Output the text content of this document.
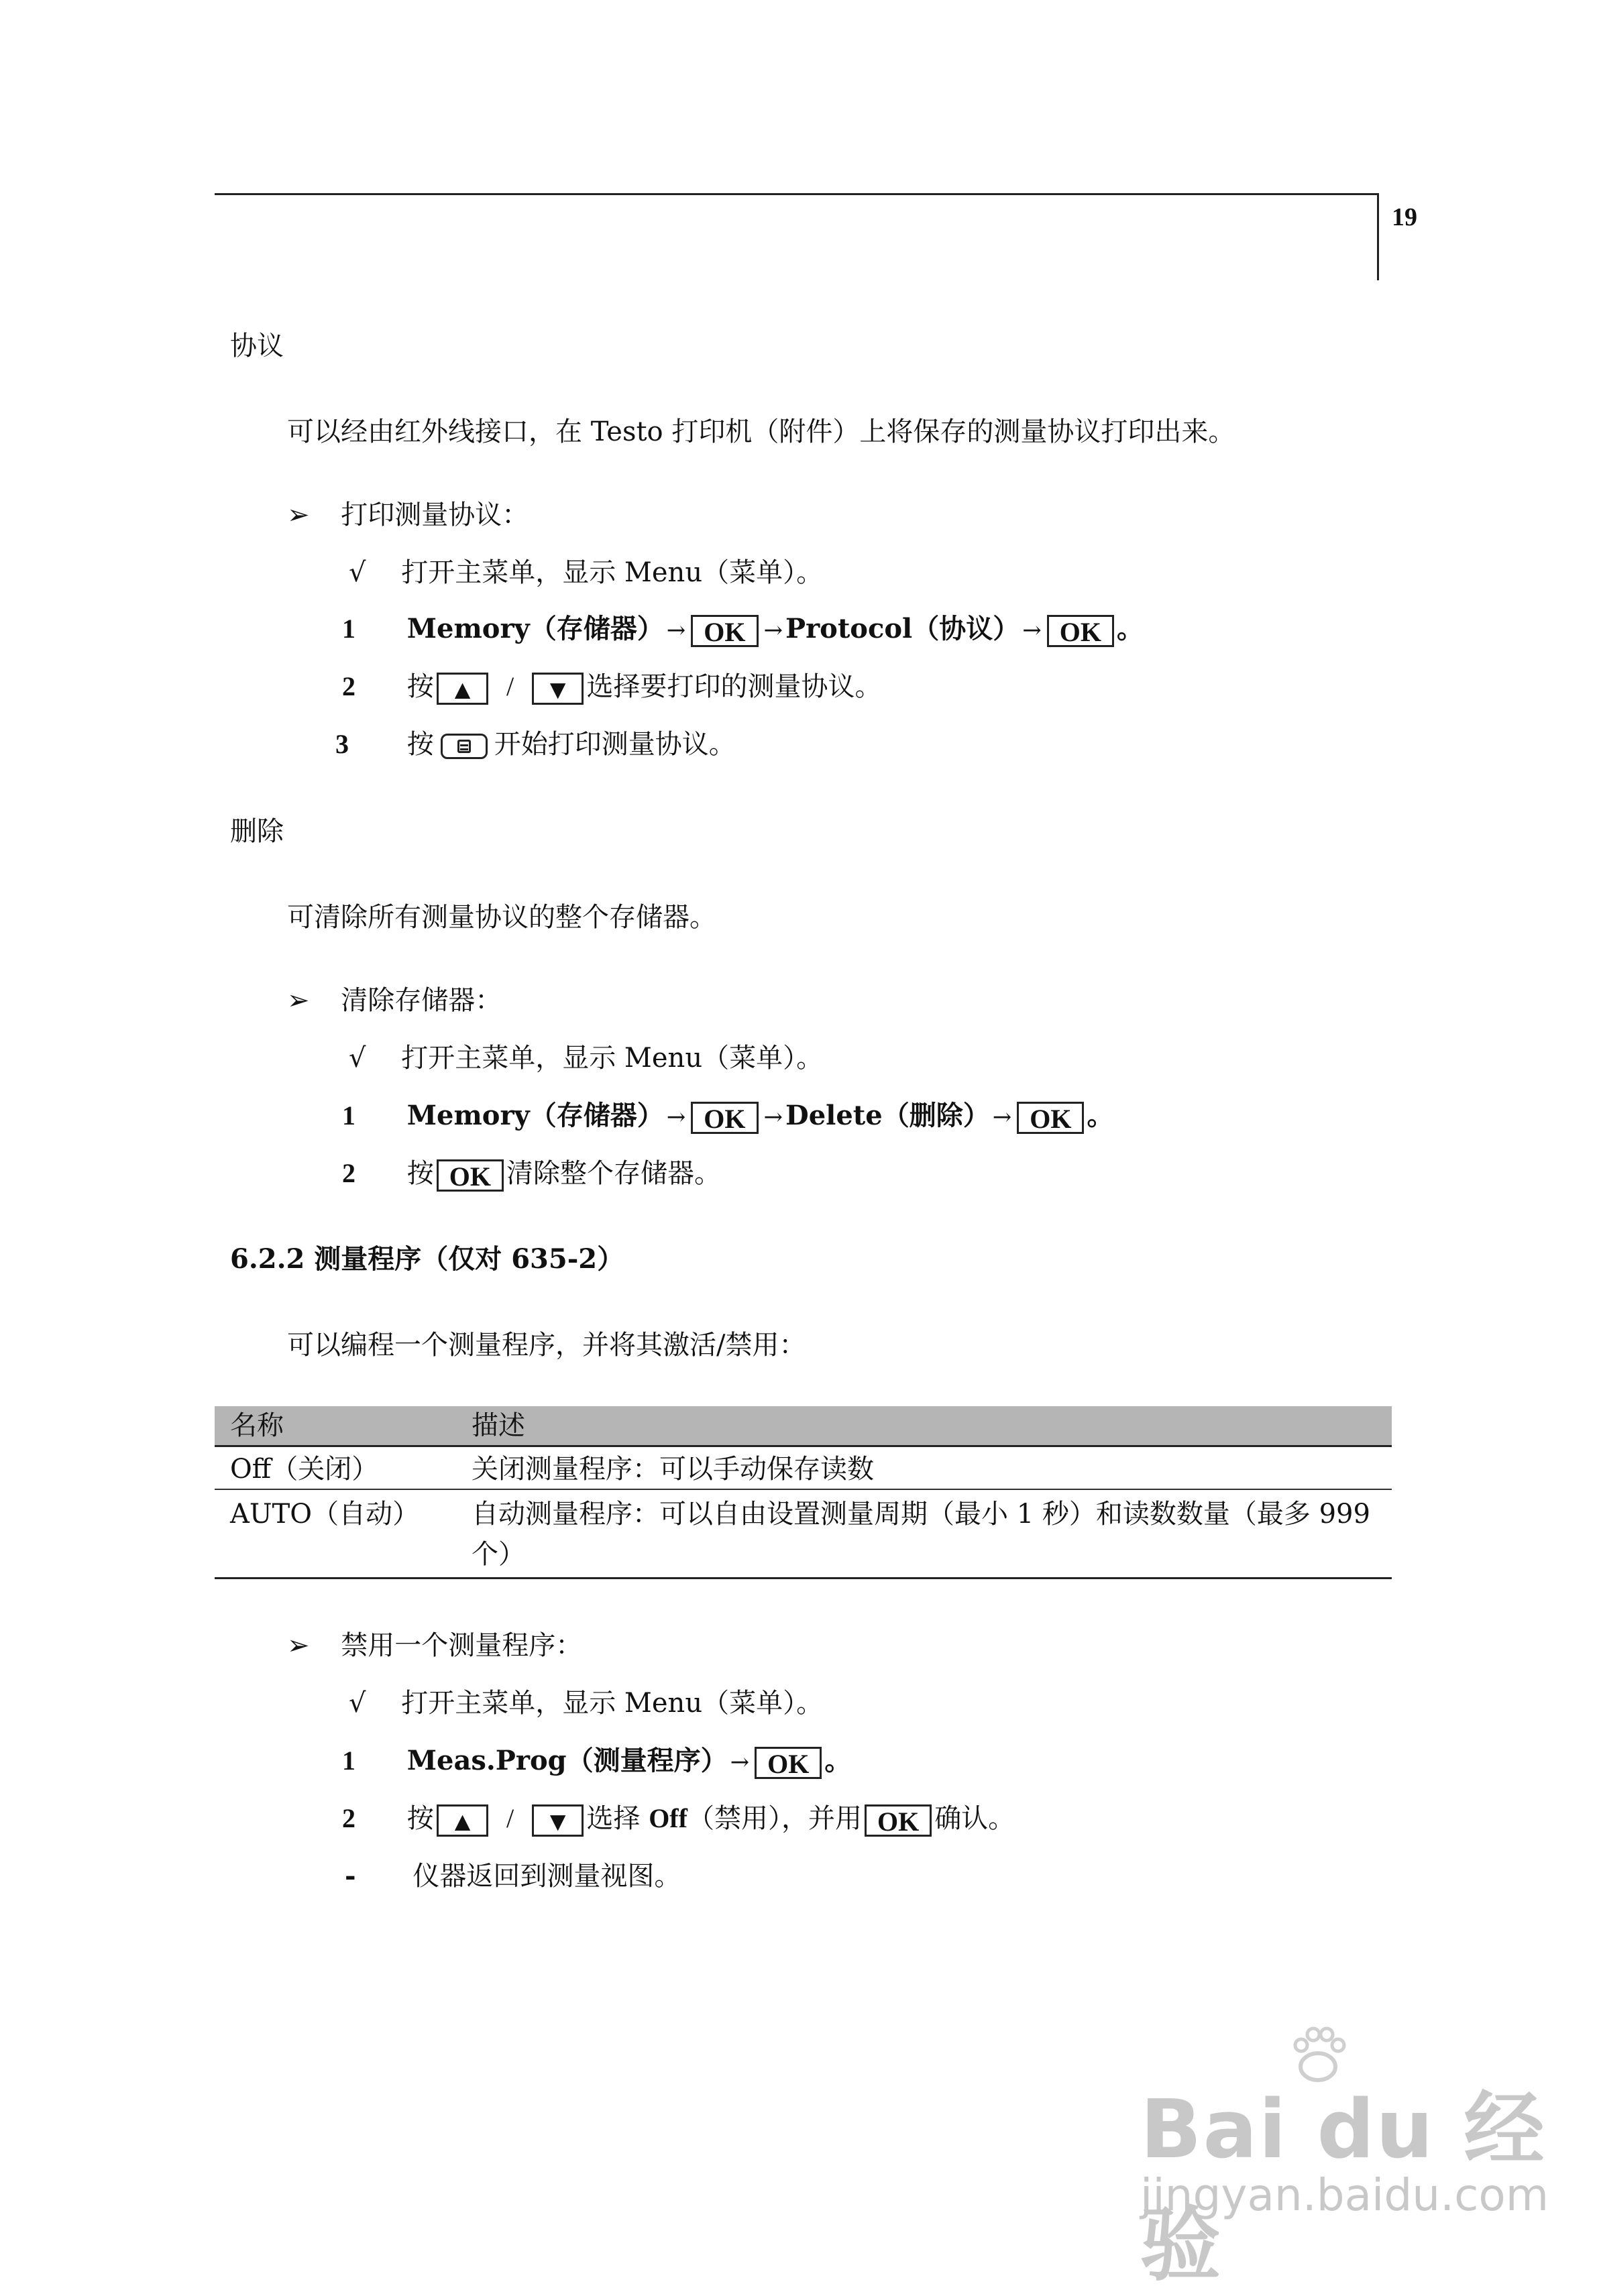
19
协议
可以经由红外线接口，在 Testo 打印机（附件）上将保存的测量协议打印出来。
➢ 打印测量协议：
√ 打开主菜单，显示 Menu（菜单）。
1 Memory（存储器） → OK → Protocol（协议） → OK 。
2 按 ▲ / ▼ 选择要打印的测量协议。
3 按 开始打印测量协议。
删除
可清除所有测量协议的整个存储器。
➢ 清除存储器：
√ 打开主菜单，显示 Menu（菜单）。
1 Memory（存储器） → OK → Delete（删除） → OK 。
2 按 OK 清除整个存储器。
6.2.2 测量程序（仅对 635-2）
可以编程一个测量程序，并将其激活/禁用：
名称	描述
Off（关闭）	关闭测量程序：可以手动保存读数
AUTO（自动） 自动测量程序：可以自由设置测量周期（最小 1 秒）和读数数量（最多 999
个）
➢ 禁用一个测量程序：
√ 打开主菜单，显示 Menu（菜单）。
1 Meas.Prog（测量程序） → OK 。
2 按 ▲ / ▼ 选择 Off（禁用），并用 OK 确认。
- 仪器返回到测量视图。
Bai du 经验
jingyan.baidu.com
